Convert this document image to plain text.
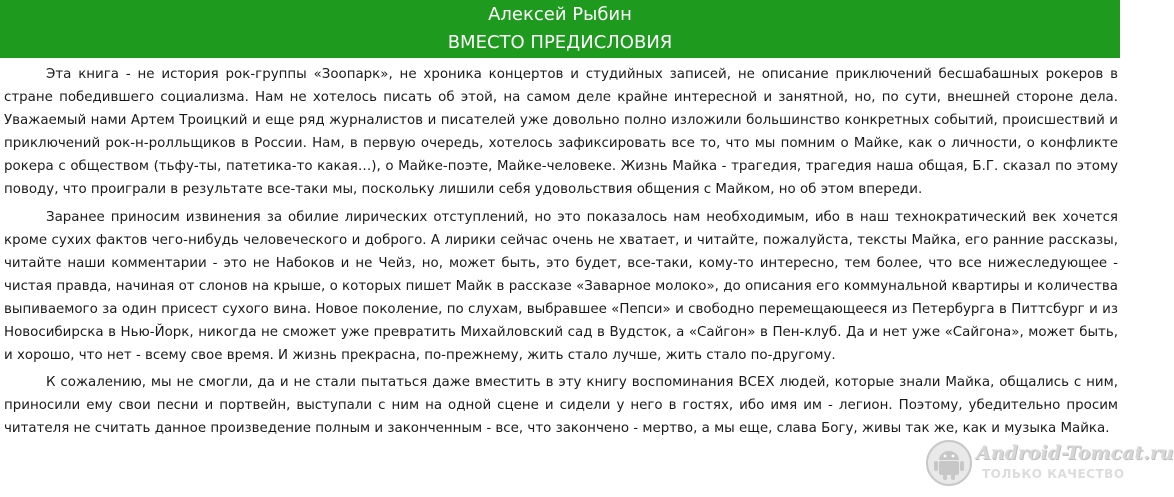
Алексей Рыбин
ВМЕСТО ПРЕДИСЛОВИЯ

Эта книга - не история рок-группы «Зоопарк», не хроника концертов и студийных записей, не описание приключений бесшабашных рокеров в стране победившего социализма. Нам не хотелось писать об этой, на самом деле крайне интересной и занятной, но, по сути, внешней стороне дела. Уважаемый нами Артем Троицкий и еще ряд журналистов и писателей уже довольно полно изложили большинство конкретных событий, происшествий и приключений рок-н-ролльщиков в России. Нам, в первую очередь, хотелось зафиксировать все то, что мы помним о Майке, как о личности, о конфликте рокера с обществом (тьфу-ты, патетика-то какая…), о Майке-поэте, Майке-человеке. Жизнь Майка - трагедия, трагедия наша общая, Б.Г. сказал по этому поводу, что проиграли в результате все-таки мы, поскольку лишили себя удовольствия общения с Майком, но об этом впереди.

Заранее приносим извинения за обилие лирических отступлений, но это показалось нам необходимым, ибо в наш технократический век хочется кроме сухих фактов чего-нибудь человеческого и доброго. А лирики сейчас очень не хватает, и читайте, пожалуйста, тексты Майка, его ранние рассказы, читайте наши комментарии - это не Набоков и не Чейз, но, может быть, это будет, все-таки, кому-то интересно, тем более, что все нижеследующее - чистая правда, начиная от слонов на крыше, о которых пишет Майк в рассказе «Заварное молоко», до описания его коммунальной квартиры и количества выпиваемого за один присест сухого вина. Новое поколение, по слухам, выбравшее «Пепси» и свободно перемещающееся из Петербурга в Питтсбург и из Новосибирска в Нью-Йорк, никогда не сможет уже превратить Михайловский сад в Вудсток, а «Сайгон» в Пен-клуб. Да и нет уже «Сайгона», может быть, и хорошо, что нет - всему свое время. И жизнь прекрасна, по-прежнему, жить стало лучше, жить стало по-другому.

К сожалению, мы не смогли, да и не стали пытаться даже вместить в эту книгу воспоминания ВСЕХ людей, которые знали Майка, общались с ним, приносили ему свои песни и портвейн, выступали с ним на одной сцене и сидели у него в гостях, ибо имя им - легион. Поэтому, убедительно просим читателя не считать данное произведение полным и законченным - все, что закончено - мертво, а мы еще, слава Богу, живы так же, как и музыка Майка.

Android-Tomcat.ru
ТОЛЬКО КАЧЕСТВО
